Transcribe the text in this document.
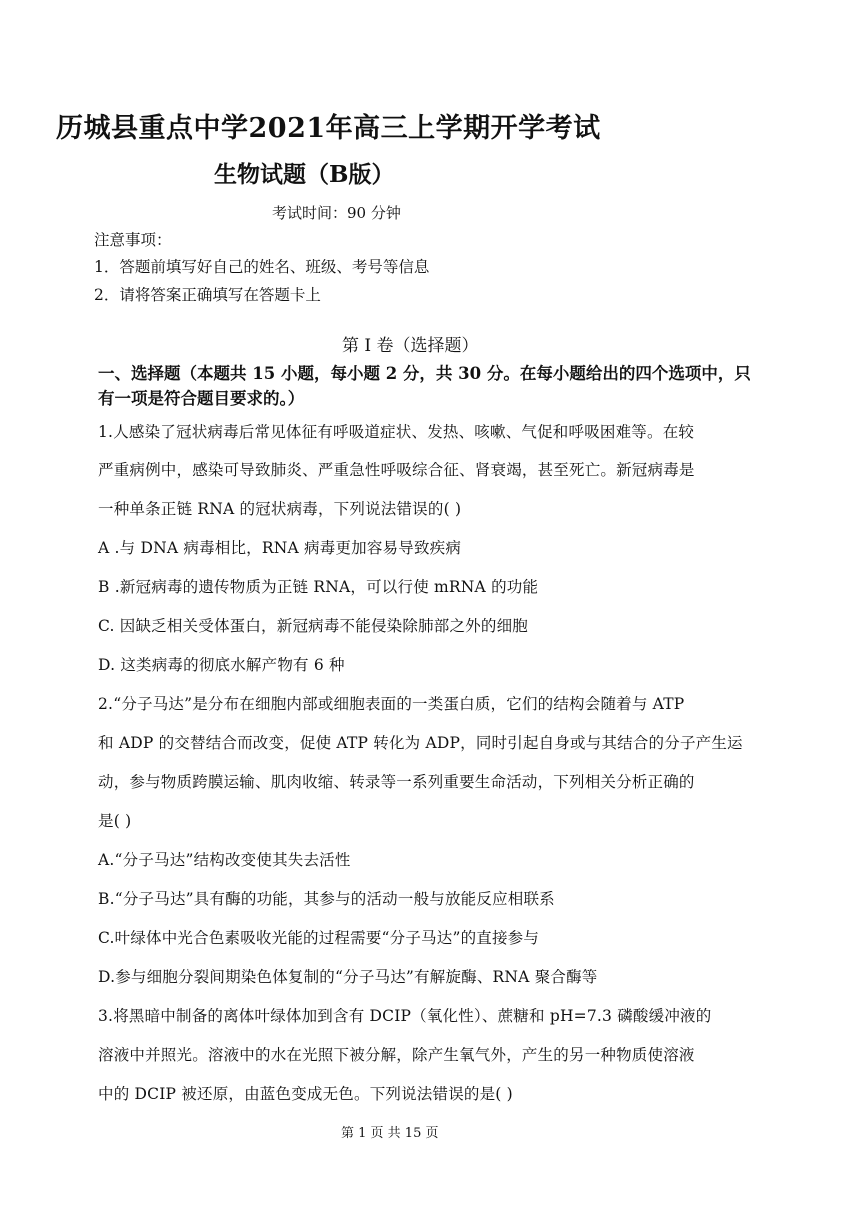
历城县重点中学2021年高三上学期开学考试
生物试题（B版）
考试时间：90 分钟
注意事项：
1．答题前填写好自己的姓名、班级、考号等信息
2．请将答案正确填写在答题卡上
第 I 卷（选择题）
一、选择题（本题共 15 小题，每小题 2 分，共 30 分。在每小题给出的四个选项中，只
有一项是符合题目要求的。）
1.人感染了冠状病毒后常见体征有呼吸道症状、发热、咳嗽、气促和呼吸困难等。在较
严重病例中，感染可导致肺炎、严重急性呼吸综合征、肾衰竭，甚至死亡。新冠病毒是
一种单条正链 RNA 的冠状病毒，下列说法错误的( )
A .与 DNA 病毒相比，RNA 病毒更加容易导致疾病
B .新冠病毒的遗传物质为正链 RNA，可以行使 mRNA 的功能
C. 因缺乏相关受体蛋白，新冠病毒不能侵染除肺部之外的细胞
D. 这类病毒的彻底水解产物有 6 种
2.“分子马达”是分布在细胞内部或细胞表面的一类蛋白质，它们的结构会随着与 ATP
和 ADP 的交替结合而改变，促使 ATP 转化为 ADP，同时引起自身或与其结合的分子产生运
动，参与物质跨膜运输、肌肉收缩、转录等一系列重要生命活动，下列相关分析正确的
是( )
A.“分子马达”结构改变使其失去活性
B.“分子马达”具有酶的功能，其参与的活动一般与放能反应相联系
C.叶绿体中光合色素吸收光能的过程需要“分子马达”的直接参与
D.参与细胞分裂间期染色体复制的“分子马达”有解旋酶、RNA 聚合酶等
3.将黑暗中制备的离体叶绿体加到含有 DCIP（氧化性）、蔗糖和 pH=7.3 磷酸缓冲液的
溶液中并照光。溶液中的水在光照下被分解，除产生氧气外，产生的另一种物质使溶液
中的 DCIP 被还原，由蓝色变成无色。下列说法错误的是( )
第 1 页 共 15 页
